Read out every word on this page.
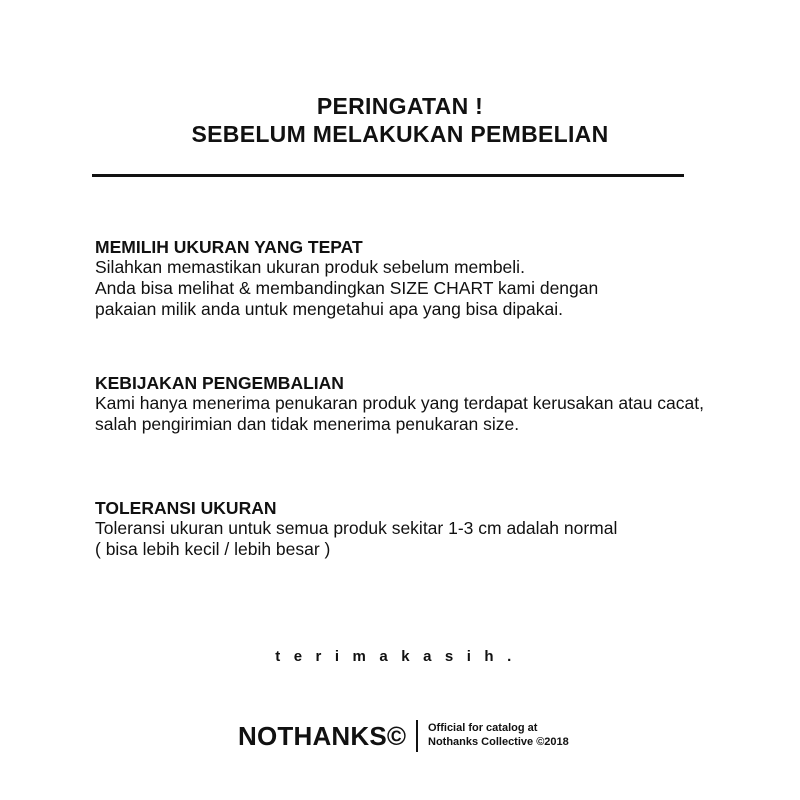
PERINGATAN !
SEBELUM MELAKUKAN PEMBELIAN

MEMILIH UKURAN YANG TEPAT

Silahkan memastikan ukuran produk sebelum membeli.

Anda bisa melihat & membandingkan SIZE CHART kami dengan

pakaian milik anda untuk mengetahui apa yang bisa dipakai.

KEBIJAKAN PENGEMBALIAN

Kami hanya menerima penukaran produk yang terdapat kerusakan atau cacat,

salah pengirimian dan tidak menerima penukaran size.

TOLERANSI UKURAN

Toleransi ukuran untuk semua produk sekitar 1-3 cm adalah normal

( bisa lebih kecil / lebih besar )

terimakasih.
NOTHANKS© Official for catalog at
Nothanks Collective ©2018
